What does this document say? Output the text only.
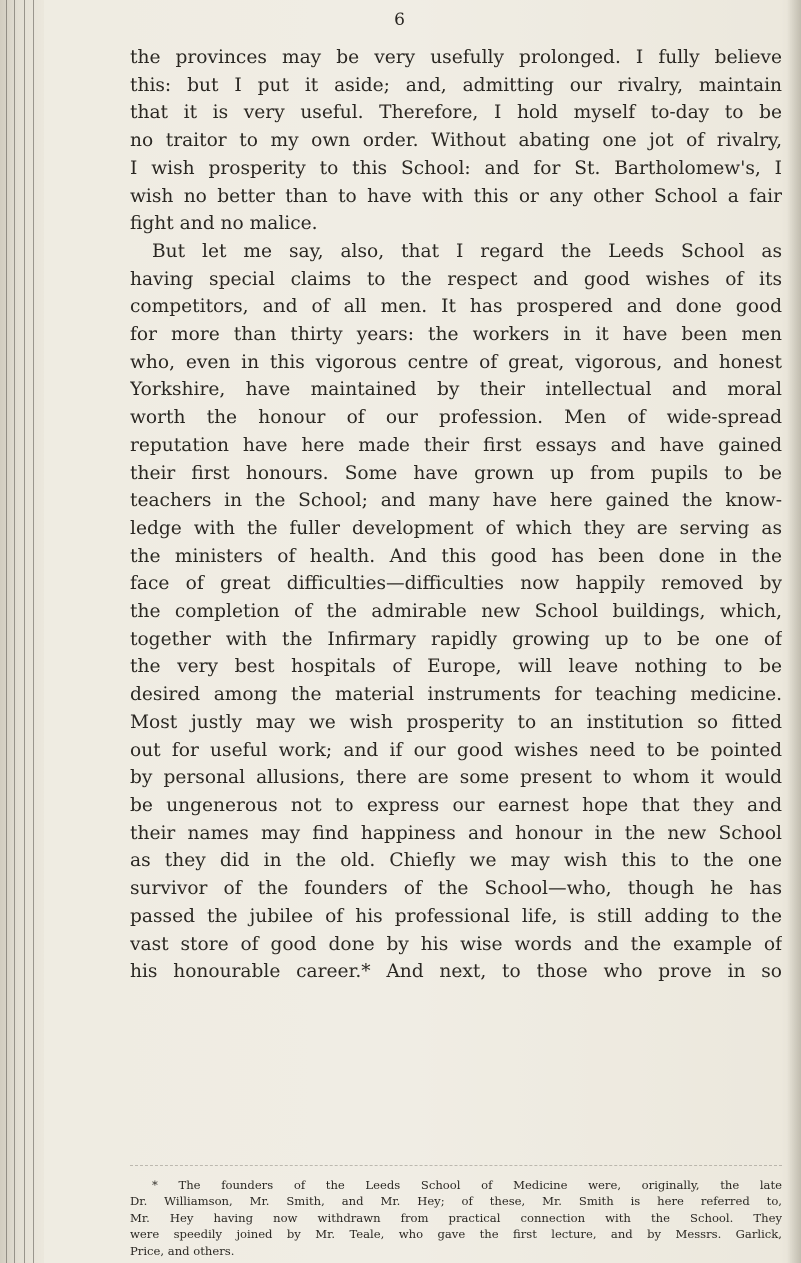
6
the provinces may be very usefully prolonged. I fully believe
this: but I put it aside; and, admitting our rivalry, maintain
that it is very useful. Therefore, I hold myself to-day to be
no traitor to my own order. Without abating one jot of rivalry,
I wish prosperity to this School: and for St. Bartholomew's, I
wish no better than to have with this or any other School a fair
fight and no malice.
But let me say, also, that I regard the Leeds School as
having special claims to the respect and good wishes of its
competitors, and of all men. It has prospered and done good
for more than thirty years: the workers in it have been men
who, even in this vigorous centre of great, vigorous, and honest
Yorkshire, have maintained by their intellectual and moral
worth the honour of our profession. Men of wide-spread
reputation have here made their first essays and have gained
their first honours. Some have grown up from pupils to be
teachers in the School; and many have here gained the know-
ledge with the fuller development of which they are serving as
the ministers of health. And this good has been done in the
face of great difficulties—difficulties now happily removed by
the completion of the admirable new School buildings, which,
together with the Infirmary rapidly growing up to be one of
the very best hospitals of Europe, will leave nothing to be
desired among the material instruments for teaching medicine.
Most justly may we wish prosperity to an institution so fitted
out for useful work; and if our good wishes need to be pointed
by personal allusions, there are some present to whom it would
be ungenerous not to express our earnest hope that they and
their names may find happiness and honour in the new School
as they did in the old. Chiefly we may wish this to the one
survivor of the founders of the School—who, though he has
passed the jubilee of his professional life, is still adding to the
vast store of good done by his wise words and the example of
his honourable career.* And next, to those who prove in so
* The founders of the Leeds School of Medicine were, originally, the late
Dr. Williamson, Mr. Smith, and Mr. Hey; of these, Mr. Smith is here referred to,
Mr. Hey having now withdrawn from practical connection with the School. They
were speedily joined by Mr. Teale, who gave the first lecture, and by Messrs. Garlick,
Price, and others.
